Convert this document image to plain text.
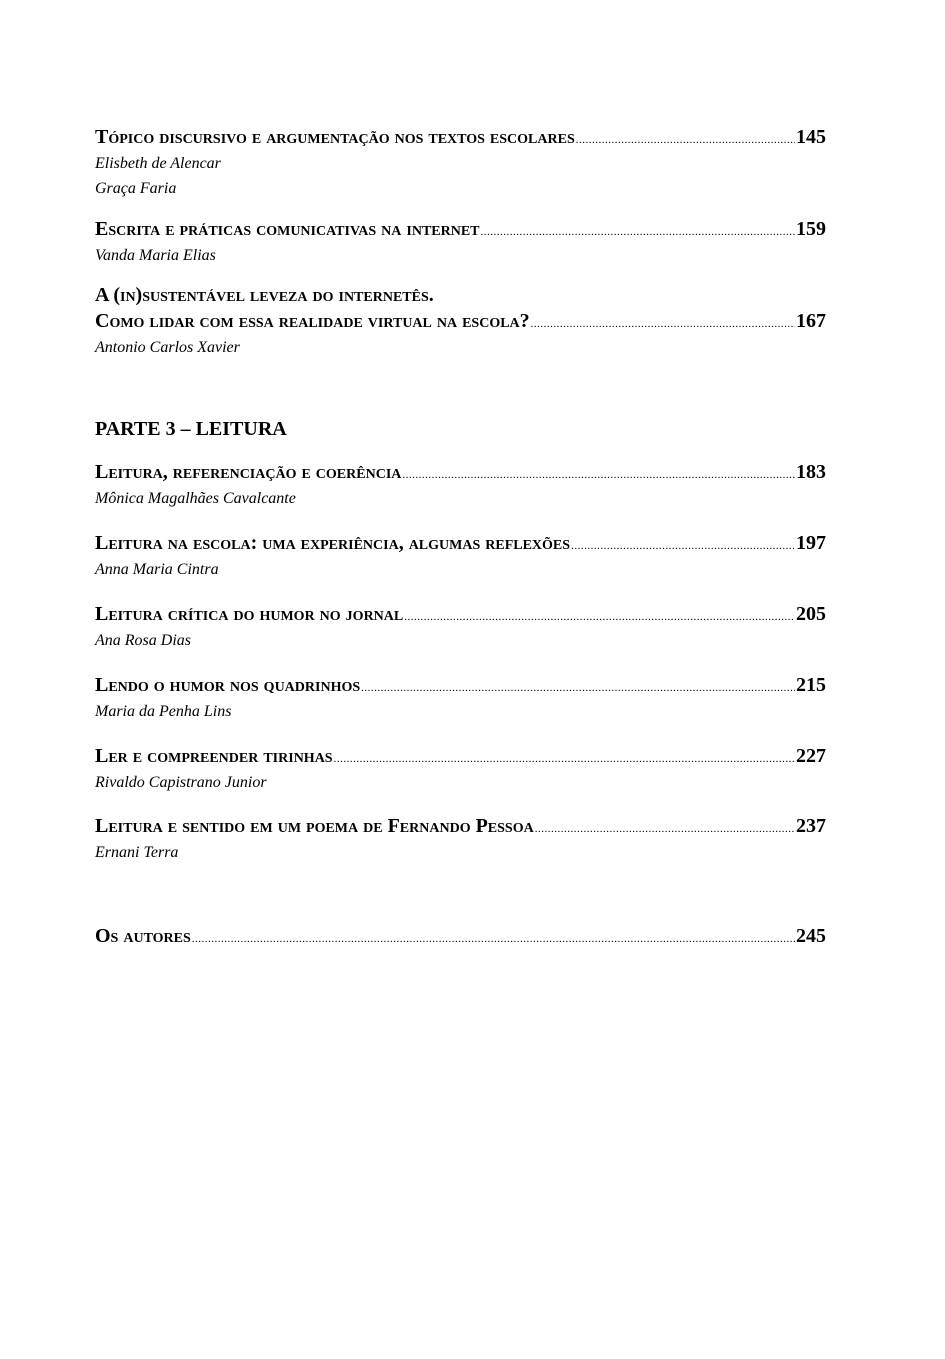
Tópico discursivo e argumentação nos textos escolares .....	145
Elisbeth de Alencar
Graça Faria
Escrita e práticas comunicativas na internet .....	159
Vanda Maria Elias
A (in)sustentável leveza do internetês.
Como lidar com essa realidade virtual na escola? .....	167
Antonio Carlos Xavier
PARTE 3 – LEITURA
Leitura, referenciação e coerência .....	183
Mônica Magalhães Cavalcante
Leitura na escola: uma experiência, algumas reflexões .....	197
Anna Maria Cintra
Leitura crítica do humor no jornal .....	205
Ana Rosa Dias
Lendo o humor nos quadrinhos .....	215
Maria da Penha Lins
Ler e compreender tirinhas .....	227
Rivaldo Capistrano Junior
Leitura e sentido em um poema de Fernando Pessoa .....	237
Ernani Terra
Os autores .....	245
